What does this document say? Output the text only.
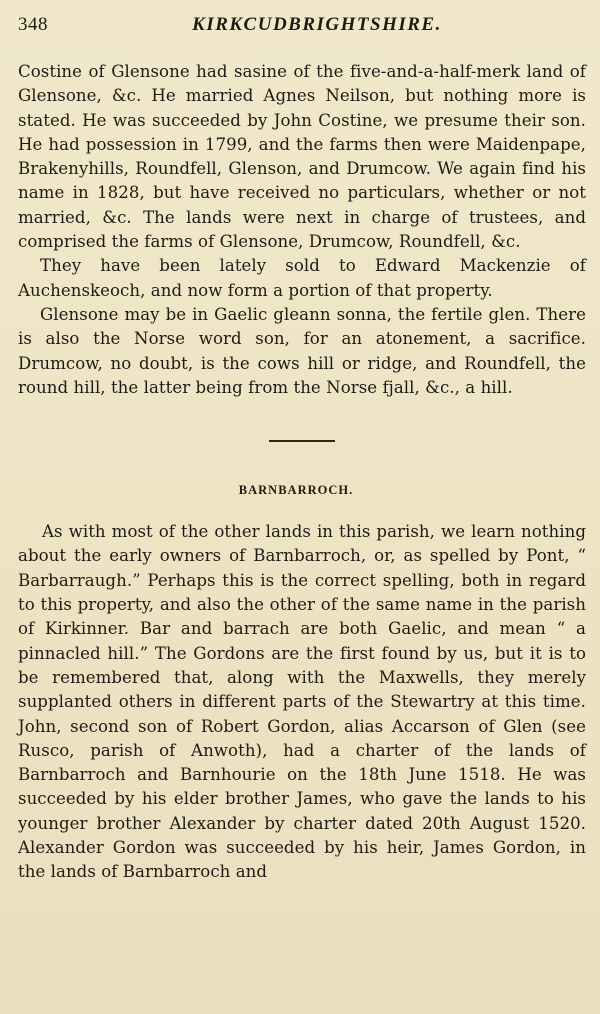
348	KIRKCUDBRIGHTSHIRE.

Costine of Glensone had sasine of the five-and-a-half-merk land of Glensone, &c. He married Agnes Neilson, but nothing more is stated. He was succeeded by John Costine, we presume their son. He had possession in 1799, and the farms then were Maidenpape, Brakenyhills, Roundfell, Glenson, and Drumcow. We again find his name in 1828, but have received no particulars, whether or not married, &c. The lands were next in charge of trustees, and comprised the farms of Glensone, Drumcow, Roundfell, &c.

They have been lately sold to Edward Mackenzie of Auchenskeoch, and now form a portion of that property.

Glensone may be in Gaelic gleann sonna, the fertile glen. There is also the Norse word son, for an atonement, a sacrifice. Drumcow, no doubt, is the cows hill or ridge, and Roundfell, the round hill, the latter being from the Norse fjall, &c., a hill.

BARNBARROCH.

As with most of the other lands in this parish, we learn nothing about the early owners of Barnbarroch, or, as spelled by Pont, “ Barbarraugh.” Perhaps this is the correct spelling, both in regard to this property, and also the other of the same name in the parish of Kirkinner. Bar and barrach are both Gaelic, and mean “ a pinnacled hill.” The Gordons are the first found by us, but it is to be remembered that, along with the Maxwells, they merely supplanted others in different parts of the Stewartry at this time. John, second son of Robert Gordon, alias Accarson of Glen (see Rusco, parish of Anwoth), had a charter of the lands of Barnbarroch and Barnhourie on the 18th June 1518. He was succeeded by his elder brother James, who gave the lands to his younger brother Alexander by charter dated 20th August 1520. Alexander Gordon was succeeded by his heir, James Gordon, in the lands of Barnbarroch and
